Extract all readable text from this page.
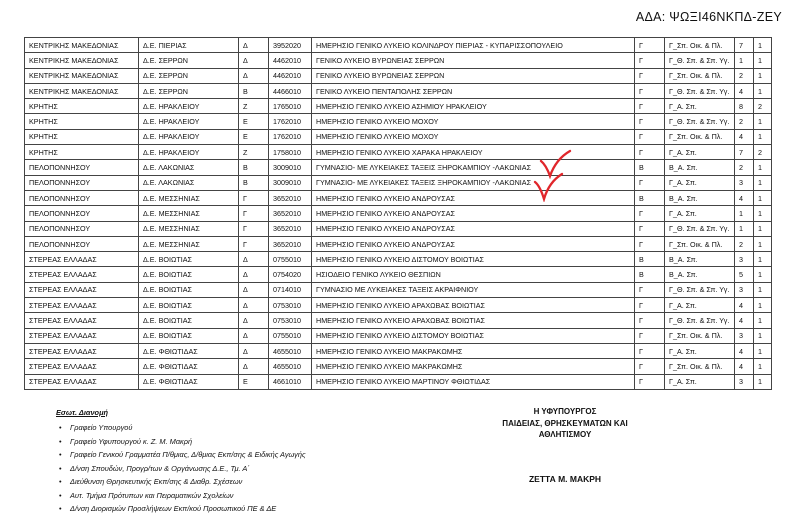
ΑΔΑ: ΨΩΞΙ46ΝΚΠΔ-ΖΕΥ
ΚΕΝΤΡΙΚΗΣ ΜΑΚΕΔΟΝΙΑΣ	Δ.Ε. ΠΙΕΡΙΑΣ	Δ	3952020	ΗΜΕΡΗΣΙΟ ΓΕΝΙΚΟ ΛΥΚΕΙΟ ΚΟΛΙΝΔΡΟΥ ΠΙΕΡΙΑΣ - ΚΥΠΑΡΙΣΣΟΠΟΥΛΕΙΟ	Γ	Γ_Σπ. Οικ. & Πλ.	7	1
ΚΕΝΤΡΙΚΗΣ ΜΑΚΕΔΟΝΙΑΣ	Δ.Ε. ΣΕΡΡΩΝ	Δ	4462010	ΓΕΝΙΚΟ ΛΥΚΕΙΟ ΒΥΡΩΝΕΙΑΣ ΣΕΡΡΩΝ	Γ	Γ_Θ. Σπ. & Σπ. Υγ.	1	1
ΚΕΝΤΡΙΚΗΣ ΜΑΚΕΔΟΝΙΑΣ	Δ.Ε. ΣΕΡΡΩΝ	Δ	4462010	ΓΕΝΙΚΟ ΛΥΚΕΙΟ ΒΥΡΩΝΕΙΑΣ ΣΕΡΡΩΝ	Γ	Γ_Σπ. Οικ. & Πλ.	2	1
ΚΕΝΤΡΙΚΗΣ ΜΑΚΕΔΟΝΙΑΣ	Δ.Ε. ΣΕΡΡΩΝ	Β	4466010	ΓΕΝΙΚΟ ΛΥΚΕΙΟ ΠΕΝΤΑΠΟΛΗΣ ΣΕΡΡΩΝ	Γ	Γ_Θ. Σπ. & Σπ. Υγ.	4	1
ΚΡΗΤΗΣ	Δ.Ε. ΗΡΑΚΛΕΙΟΥ	Ζ	1765010	ΗΜΕΡΗΣΙΟ ΓΕΝΙΚΟ ΛΥΚΕΙΟ ΑΣΗΜΙΟΥ ΗΡΑΚΛΕΙΟΥ	Γ	Γ_Α. Σπ.	8	2
ΚΡΗΤΗΣ	Δ.Ε. ΗΡΑΚΛΕΙΟΥ	Ε	1762010	ΗΜΕΡΗΣΙΟ ΓΕΝΙΚΟ ΛΥΚΕΙΟ ΜΟΧΟΥ	Γ	Γ_Θ. Σπ. & Σπ. Υγ.	2	1
ΚΡΗΤΗΣ	Δ.Ε. ΗΡΑΚΛΕΙΟΥ	Ε	1762010	ΗΜΕΡΗΣΙΟ ΓΕΝΙΚΟ ΛΥΚΕΙΟ ΜΟΧΟΥ	Γ	Γ_Σπ. Οικ. & Πλ.	4	1
ΚΡΗΤΗΣ	Δ.Ε. ΗΡΑΚΛΕΙΟΥ	Ζ	1758010	ΗΜΕΡΗΣΙΟ ΓΕΝΙΚΟ ΛΥΚΕΙΟ ΧΑΡΑΚΑ ΗΡΑΚΛΕΙΟΥ	Γ	Γ_Α. Σπ.	7	2
ΠΕΛΟΠΟΝΝΗΣΟΥ	Δ.Ε. ΛΑΚΩΝΙΑΣ	Β	3009010	ΓΥΜΝΑΣΙΟ- ΜΕ ΛΥΚΕΙΑΚΕΣ ΤΑΞΕΙΣ ΞΗΡΟΚΑΜΠΙΟΥ -ΛΑΚΩΝΙΑΣ	Β	Β_Α. Σπ.	2	1
ΠΕΛΟΠΟΝΝΗΣΟΥ	Δ.Ε. ΛΑΚΩΝΙΑΣ	Β	3009010	ΓΥΜΝΑΣΙΟ- ΜΕ ΛΥΚΕΙΑΚΕΣ ΤΑΞΕΙΣ ΞΗΡΟΚΑΜΠΙΟΥ -ΛΑΚΩΝΙΑΣ	Γ	Γ_Α. Σπ.	3	1
ΠΕΛΟΠΟΝΝΗΣΟΥ	Δ.Ε. ΜΕΣΣΗΝΙΑΣ	Γ	3652010	ΗΜΕΡΗΣΙΟ ΓΕΝΙΚΟ ΛΥΚΕΙΟ ΑΝΔΡΟΥΣΑΣ	Β	Β_Α. Σπ.	4	1
ΠΕΛΟΠΟΝΝΗΣΟΥ	Δ.Ε. ΜΕΣΣΗΝΙΑΣ	Γ	3652010	ΗΜΕΡΗΣΙΟ ΓΕΝΙΚΟ ΛΥΚΕΙΟ ΑΝΔΡΟΥΣΑΣ	Γ	Γ_Α. Σπ.	1	1
ΠΕΛΟΠΟΝΝΗΣΟΥ	Δ.Ε. ΜΕΣΣΗΝΙΑΣ	Γ	3652010	ΗΜΕΡΗΣΙΟ ΓΕΝΙΚΟ ΛΥΚΕΙΟ ΑΝΔΡΟΥΣΑΣ	Γ	Γ_Θ. Σπ. & Σπ. Υγ.	1	1
ΠΕΛΟΠΟΝΝΗΣΟΥ	Δ.Ε. ΜΕΣΣΗΝΙΑΣ	Γ	3652010	ΗΜΕΡΗΣΙΟ ΓΕΝΙΚΟ ΛΥΚΕΙΟ ΑΝΔΡΟΥΣΑΣ	Γ	Γ_Σπ. Οικ. & Πλ.	2	1
ΣΤΕΡΕΑΣ ΕΛΛΑΔΑΣ	Δ.Ε. ΒΟΙΩΤΙΑΣ	Δ	0755010	ΗΜΕΡΗΣΙΟ ΓΕΝΙΚΟ ΛΥΚΕΙΟ ΔΙΣΤΟΜΟΥ ΒΟΙΩΤΙΑΣ	Β	Β_Α. Σπ.	3	1
ΣΤΕΡΕΑΣ ΕΛΛΑΔΑΣ	Δ.Ε. ΒΟΙΩΤΙΑΣ	Δ	0754020	ΗΣΙΟΔΕΙΟ ΓΕΝΙΚΟ ΛΥΚΕΙΟ ΘΕΣΠΙΩΝ	Β	Β_Α. Σπ.	5	1
ΣΤΕΡΕΑΣ ΕΛΛΑΔΑΣ	Δ.Ε. ΒΟΙΩΤΙΑΣ	Δ	0714010	ΓΥΜΝΑΣΙΟ ΜΕ ΛΥΚΕΙΑΚΕΣ ΤΑΞΕΙΣ ΑΚΡΑΙΦΝΙΟΥ	Γ	Γ_Θ. Σπ. & Σπ. Υγ.	3	1
ΣΤΕΡΕΑΣ ΕΛΛΑΔΑΣ	Δ.Ε. ΒΟΙΩΤΙΑΣ	Δ	0753010	ΗΜΕΡΗΣΙΟ ΓΕΝΙΚΟ ΛΥΚΕΙΟ ΑΡΑΧΩΒΑΣ ΒΟΙΩΤΙΑΣ	Γ	Γ_Α. Σπ.	4	1
ΣΤΕΡΕΑΣ ΕΛΛΑΔΑΣ	Δ.Ε. ΒΟΙΩΤΙΑΣ	Δ	0753010	ΗΜΕΡΗΣΙΟ ΓΕΝΙΚΟ ΛΥΚΕΙΟ ΑΡΑΧΩΒΑΣ ΒΟΙΩΤΙΑΣ	Γ	Γ_Θ. Σπ. & Σπ. Υγ.	4	1
ΣΤΕΡΕΑΣ ΕΛΛΑΔΑΣ	Δ.Ε. ΒΟΙΩΤΙΑΣ	Δ	0755010	ΗΜΕΡΗΣΙΟ ΓΕΝΙΚΟ ΛΥΚΕΙΟ ΔΙΣΤΟΜΟΥ ΒΟΙΩΤΙΑΣ	Γ	Γ_Σπ. Οικ. & Πλ.	3	1
ΣΤΕΡΕΑΣ ΕΛΛΑΔΑΣ	Δ.Ε. ΦΘΙΩΤΙΔΑΣ	Δ	4655010	ΗΜΕΡΗΣΙΟ ΓΕΝΙΚΟ ΛΥΚΕΙΟ ΜΑΚΡΑΚΩΜΗΣ	Γ	Γ_Α. Σπ.	4	1
ΣΤΕΡΕΑΣ ΕΛΛΑΔΑΣ	Δ.Ε. ΦΘΙΩΤΙΔΑΣ	Δ	4655010	ΗΜΕΡΗΣΙΟ ΓΕΝΙΚΟ ΛΥΚΕΙΟ ΜΑΚΡΑΚΩΜΗΣ	Γ	Γ_Σπ. Οικ. & Πλ.	4	1
ΣΤΕΡΕΑΣ ΕΛΛΑΔΑΣ	Δ.Ε. ΦΘΙΩΤΙΔΑΣ	Ε	4661010	ΗΜΕΡΗΣΙΟ ΓΕΝΙΚΟ ΛΥΚΕΙΟ ΜΑΡΤΙΝΟΥ ΦΘΙΩΤΙΔΑΣ	Γ	Γ_Α. Σπ.	3	1
Εσωτ. Διανομή
• Γραφείο Υπουργού
• Γραφείο Υφυπουργού κ. Ζ. Μ. Μακρή
• Γραφείο Γενικού Γραμματέα Π/θμιας, Δ/θμιας Εκπ/σης & Ειδικής Αγωγής
• Δ/νση Σπουδών, Προγρ/των & Οργάνωσης Δ.Ε., Τμ. Α΄
• Διεύθυνση Θρησκευτικής Εκπ/σης & Διαθρ. Σχέσεων
• Αυτ. Τμήμα Πρότυπων και Πειραματικών Σχολείων
• Δ/νση Διορισμών Προσλήψεων Εκπ/κού Προσωπικού ΠΕ & ΔΕ
Η ΥΦΥΠΟΥΡΓΟΣ
ΠΑΙΔΕΙΑΣ, ΘΡΗΣΚΕΥΜΑΤΩΝ ΚΑΙ
ΑΘΛΗΤΙΣΜΟΥ
ΖΕΤΤΑ Μ. ΜΑΚΡΗ
